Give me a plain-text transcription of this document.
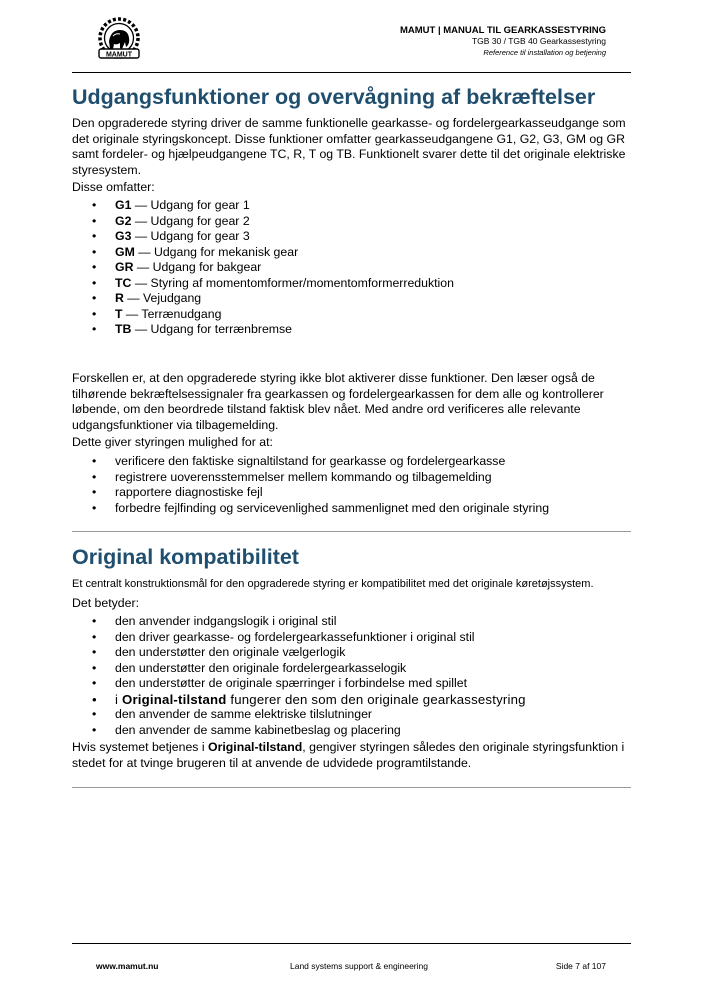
MAMUT
MAMUT | MANUAL TIL GEARKASSESTYRING
TGB 30 / TGB 40 Gearkassestyring
Reference til installation og betjening
Udgangsfunktioner og overvågning af bekræftelser

Den opgraderede styring driver de samme funktionelle gearkasse- og fordelergearkasseudgange som det originale styringskoncept. Disse funktioner omfatter gearkasseudgangene G1, G2, G3, GM og GR samt fordeler- og hjælpeudgangene TC, R, T og TB. Funktionelt svarer dette til det originale elektriske styresystem.

Disse omfatter:

• G1 — Udgang for gear 1
• G2 — Udgang for gear 2
• G3 — Udgang for gear 3
• GM — Udgang for mekanisk gear
• GR — Udgang for bakgear
• TC — Styring af momentomformer/momentomformerreduktion
• R — Vejudgang
• T — Terrænudgang
• TB — Udgang for terrænbremse

Forskellen er, at den opgraderede styring ikke blot aktiverer disse funktioner. Den læser også de tilhørende bekræftelsessignaler fra gearkassen og fordelergearkassen for dem alle og kontrollerer løbende, om den beordrede tilstand faktisk blev nået. Med andre ord verificeres alle relevante udgangsfunktioner via tilbagemelding.

Dette giver styringen mulighed for at:

• verificere den faktiske signaltilstand for gearkasse og fordelergearkasse
• registrere uoverensstemmelser mellem kommando og tilbagemelding
• rapportere diagnostiske fejl
• forbedre fejlfinding og servicevenlighed sammenlignet med den originale styring
Original kompatibilitet

Et centralt konstruktionsmål for den opgraderede styring er kompatibilitet med det originale køretøjssystem.

Det betyder:

• den anvender indgangslogik i original stil
• den driver gearkasse- og fordelergearkassefunktioner i original stil
• den understøtter den originale vælgerlogik
• den understøtter den originale fordelergearkasselogik
• den understøtter de originale spærringer i forbindelse med spillet
• i Original-tilstand fungerer den som den originale gearkassestyring
• den anvender de samme elektriske tilslutninger
• den anvender de samme kabinetbeslag og placering

Hvis systemet betjenes i Original-tilstand, gengiver styringen således den originale styringsfunktion i stedet for at tvinge brugeren til at anvende de udvidede programtilstande.

www.mamut.nu	Land systems support & engineering	Side 7 af 107
